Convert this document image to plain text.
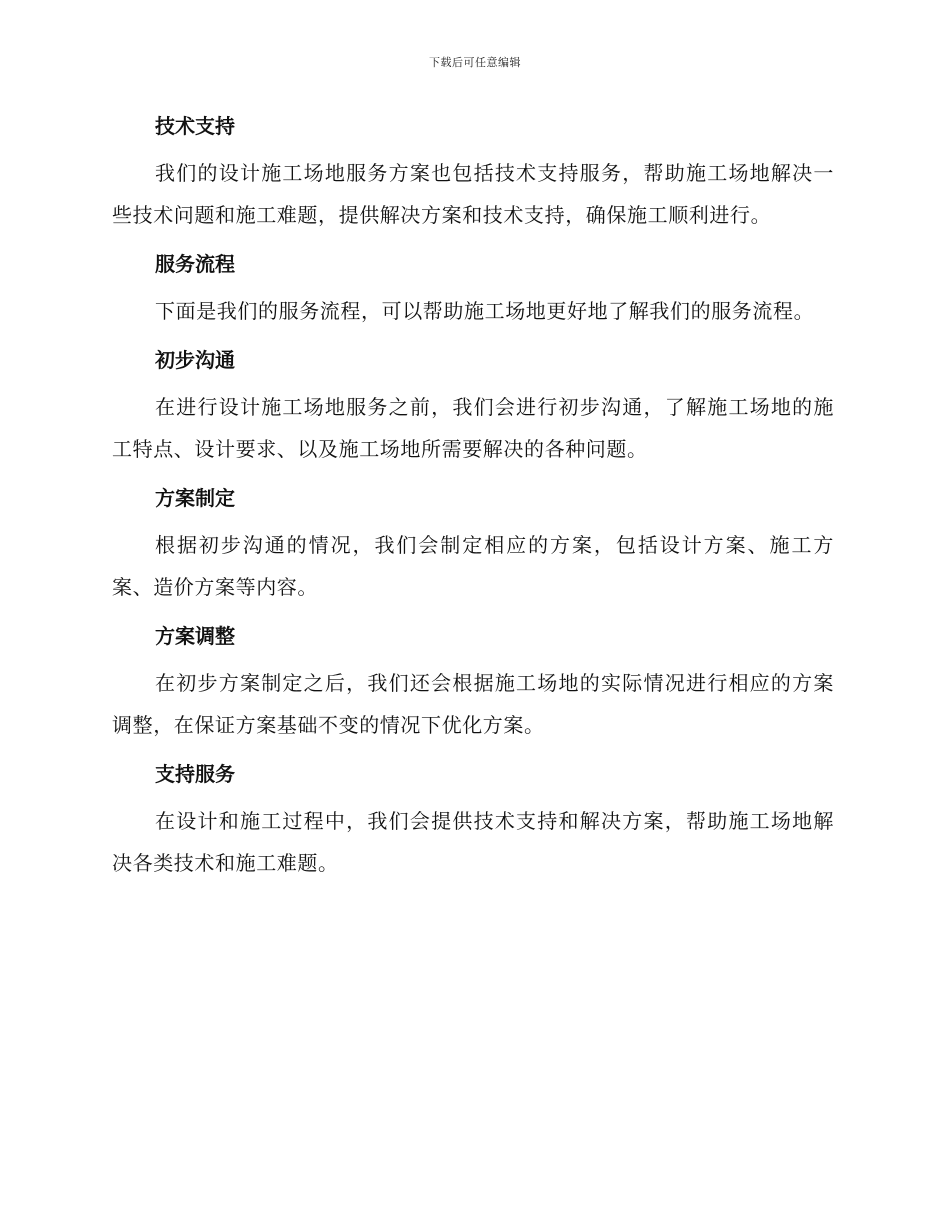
下载后可任意编辑
技术支持

我们的设计施工场地服务方案也包括技术支持服务，帮助施工场地解决一些技术问题和施工难题，提供解决方案和技术支持，确保施工顺利进行。

服务流程

下面是我们的服务流程，可以帮助施工场地更好地了解我们的服务流程。

初步沟通

在进行设计施工场地服务之前，我们会进行初步沟通，了解施工场地的施工特点、设计要求、以及施工场地所需要解决的各种问题。

方案制定

根据初步沟通的情况，我们会制定相应的方案，包括设计方案、施工方案、造价方案等内容。

方案调整

在初步方案制定之后，我们还会根据施工场地的实际情况进行相应的方案调整，在保证方案基础不变的情况下优化方案。

支持服务

在设计和施工过程中，我们会提供技术支持和解决方案，帮助施工场地解决各类技术和施工难题。
